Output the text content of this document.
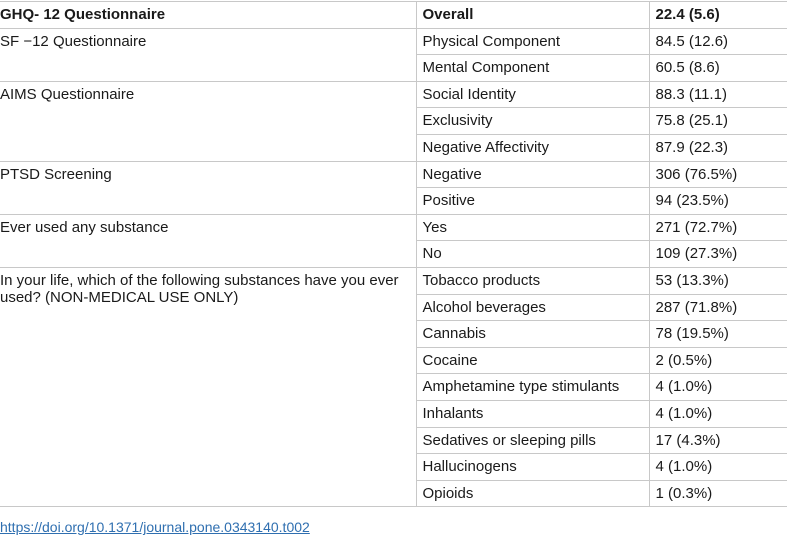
GHQ- 12 Questionnaire	Overall	22.4 (5.6)
SF −12 Questionnaire	Physical Component	84.5 (12.6)
	Mental Component	60.5 (8.6)
AIMS Questionnaire	Social Identity	88.3 (11.1)
	Exclusivity	75.8 (25.1)
	Negative Affectivity	87.9 (22.3)
PTSD Screening	Negative	306 (76.5%)
	Positive	94 (23.5%)
Ever used any substance	Yes	271 (72.7%)
	No	109 (27.3%)
In your life, which of the following substances have you ever used? (NON-MEDICAL USE ONLY)	Tobacco products	53 (13.3%)
	Alcohol beverages	287 (71.8%)
	Cannabis	78 (19.5%)
	Cocaine	2 (0.5%)
	Amphetamine type stimulants	4 (1.0%)
	Inhalants	4 (1.0%)
	Sedatives or sleeping pills	17 (4.3%)
	Hallucinogens	4 (1.0%)
	Opioids	1 (0.3%)
https://doi.org/10.1371/journal.pone.0343140.t002
